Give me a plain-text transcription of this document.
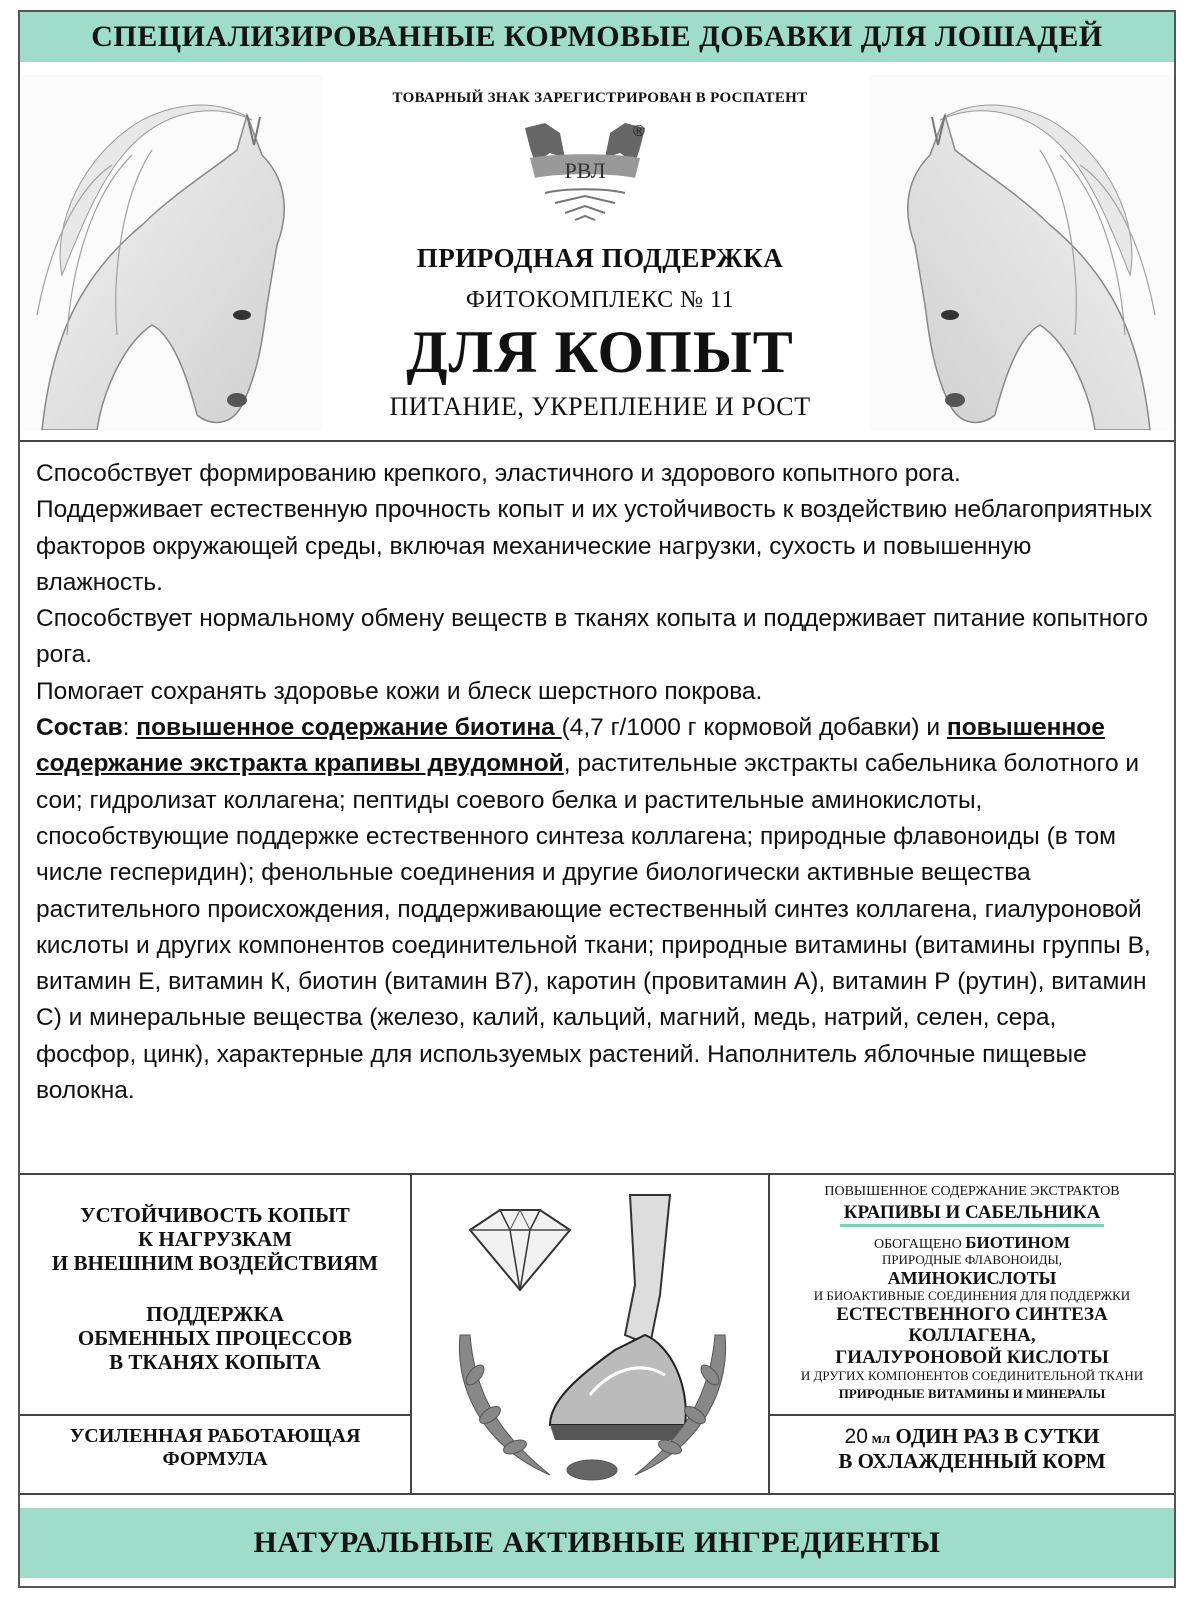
СПЕЦИАЛИЗИРОВАННЫЕ КОРМОВЫЕ ДОБАВКИ ДЛЯ ЛОШАДЕЙ
ТОВАРНЫЙ ЗНАК ЗАРЕГИСТРИРОВАН В РОСПАТЕНТ
РВЛ
®
ПРИРОДНАЯ ПОДДЕРЖКА
ФИТОКОМПЛЕКС № 11
ДЛЯ КОПЫТ
ПИТАНИЕ, УКРЕПЛЕНИЕ И РОСТ

Способствует формированию крепкого, эластичного и здорового копытного рога.

Поддерживает естественную прочность копыт и их устойчивость к воздействию неблагоприятных факторов окружающей среды, включая механические нагрузки, сухость и повышенную влажность.

Способствует нормальному обмену веществ в тканях копыта и поддерживает питание копытного рога.

Помогает сохранять здоровье кожи и блеск шерстного покрова.

Состав: повышенное содержание биотина (4,7 г/1000 г кормовой добавки) и повышенное содержание экстракта крапивы двудомной, растительные экстракты сабельника болотного и сои; гидролизат коллагена; пептиды соевого белка и растительные аминокислоты, способствующие поддержке естественного синтеза коллагена; природные флавоноиды (в том числе гесперидин); фенольные соединения и другие биологически активные вещества растительного происхождения, поддерживающие естественный синтез коллагена, гиалуроновой кислоты и других компонентов соединительной ткани; природные витамины (витамины группы В, витамин Е, витамин К, биотин (витамин В7), каротин (провитамин А), витамин Р (рутин), витамин С) и минеральные вещества (железо, калий, кальций, магний, медь, натрий, селен, сера, фосфор, цинк), характерные для используемых растений. Наполнитель яблочные пищевые волокна.

УСТОЙЧИВОСТЬ КОПЫТ
К НАГРУЗКАМ
И ВНЕШНИМ ВОЗДЕЙСТВИЯМ
ПОДДЕРЖКА
ОБМЕННЫХ ПРОЦЕССОВ
В ТКАНЯХ КОПЫТА
УСИЛЕННАЯ РАБОТАЮЩАЯ
ФОРМУЛА
ПОВЫШЕННОЕ СОДЕРЖАНИЕ ЭКСТРАКТОВ
КРАПИВЫ И САБЕЛЬНИКА
ОБОГАЩЕНО БИОТИНОМ
ПРИРОДНЫЕ ФЛАВОНОИДЫ,
АМИНОКИСЛОТЫ
И БИОАКТИВНЫЕ СОЕДИНЕНИЯ ДЛЯ ПОДДЕРЖКИ
ЕСТЕСТВЕННОГО СИНТЕЗА
КОЛЛАГЕНА,
ГИАЛУРОНОВОЙ КИСЛОТЫ
И ДРУГИХ КОМПОНЕНТОВ СОЕДИНИТЕЛЬНОЙ ТКАНИ
ПРИРОДНЫЕ ВИТАМИНЫ И МИНЕРАЛЫ
20 мл ОДИН РАЗ В СУТКИ
В ОХЛАЖДЕННЫЙ КОРМ
НАТУРАЛЬНЫЕ АКТИВНЫЕ ИНГРЕДИЕНТЫ
